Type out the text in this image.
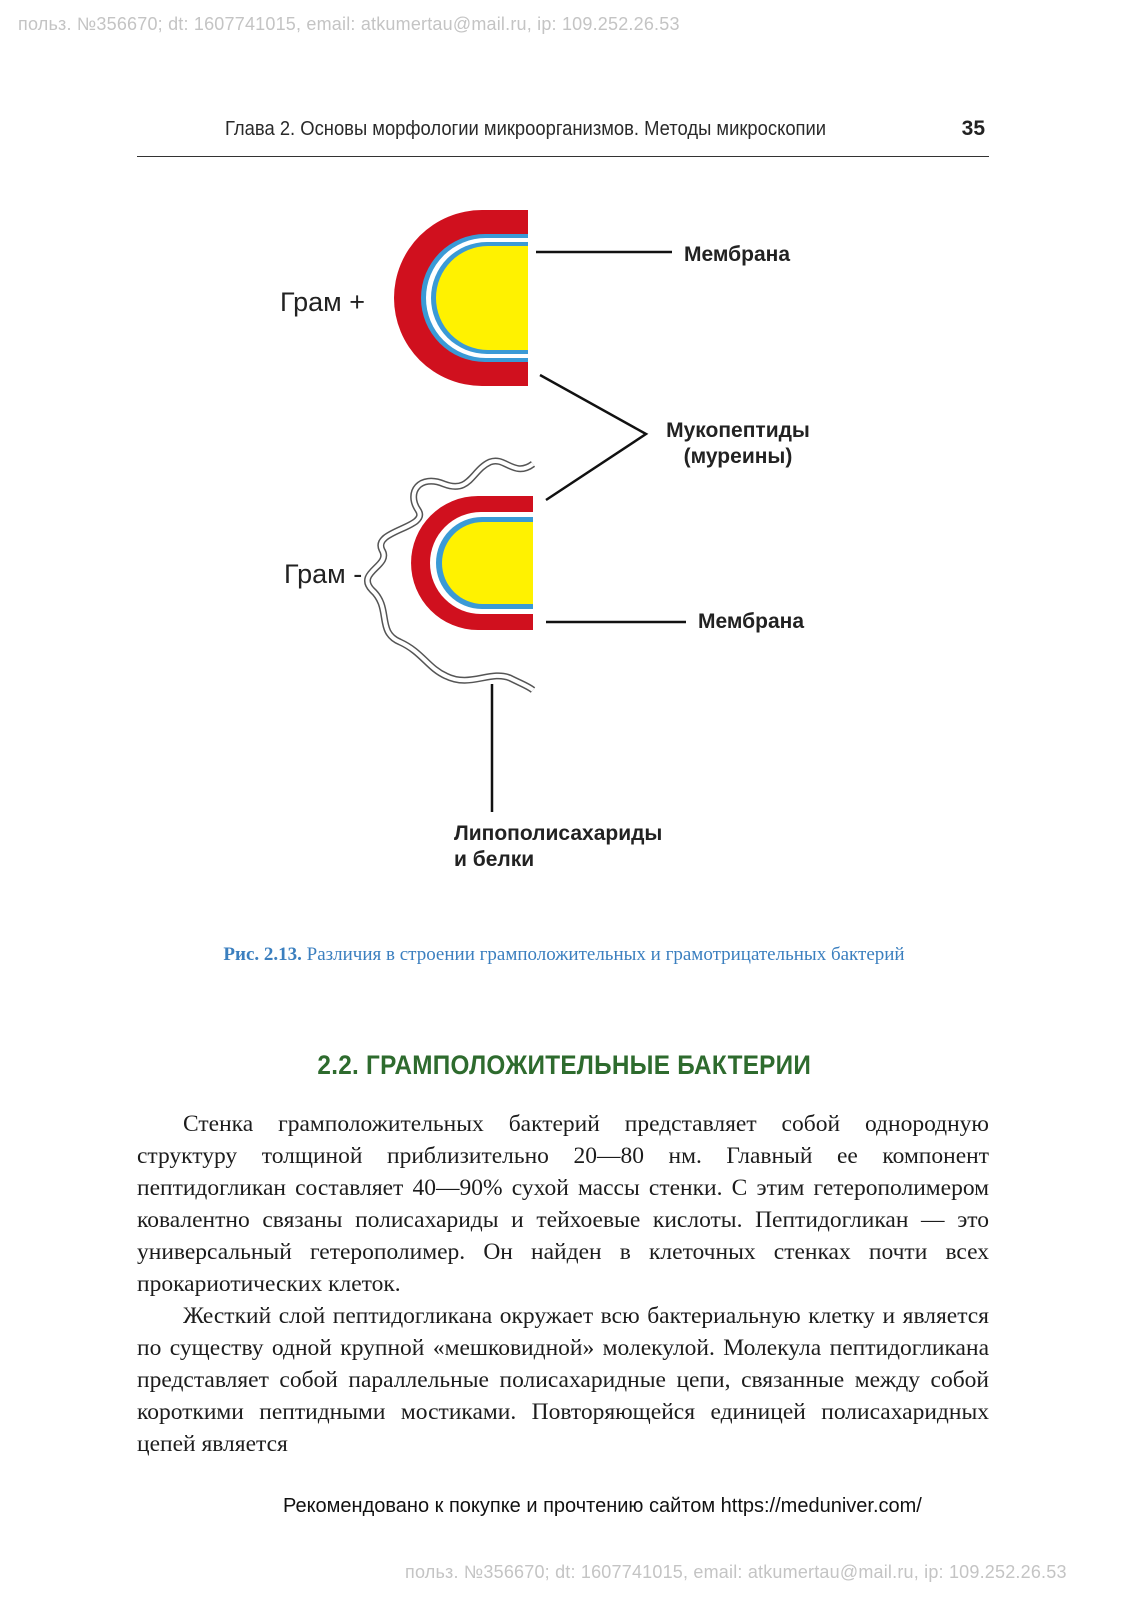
польз. №356670; dt: 1607741015, email: atkumertau@mail.ru, ip: 109.252.26.53
Глава 2. Основы морфологии микроорганизмов. Методы микроскопии	35
Грам +
Грам -
Мембрана
Мукопептиды
(муреины)
Мембрана
Липополисахариды
и белки
Рис. 2.13. Различия в строении грамположительных и грамотрицательных бактерий
2.2. ГРАМПОЛОЖИТЕЛЬНЫЕ БАКТЕРИИ

Стенка грамположительных бактерий представляет собой однородную структуру толщиной приблизительно 20—80 нм. Главный ее компонент пептидогликан составляет 40—90% сухой массы стенки. С этим гетерополимером ковалентно связаны полисахариды и тейхоевые кислоты. Пептидогликан — это универсальный гетерополимер. Он найден в клеточных стенках почти всех прокариотических клеток.

Жесткий слой пептидогликана окружает всю бактериальную клетку и является по существу одной крупной «мешковидной» молекулой. Молекула пептидогликана представляет собой параллельные полисахаридные цепи, связанные между собой короткими пептидными мостиками. Повторяющейся единицей полисахаридных цепей является

Рекомендовано к покупке и прочтению сайтом https://meduniver.com/
польз. №356670; dt: 1607741015, email: atkumertau@mail.ru, ip: 109.252.26.53
